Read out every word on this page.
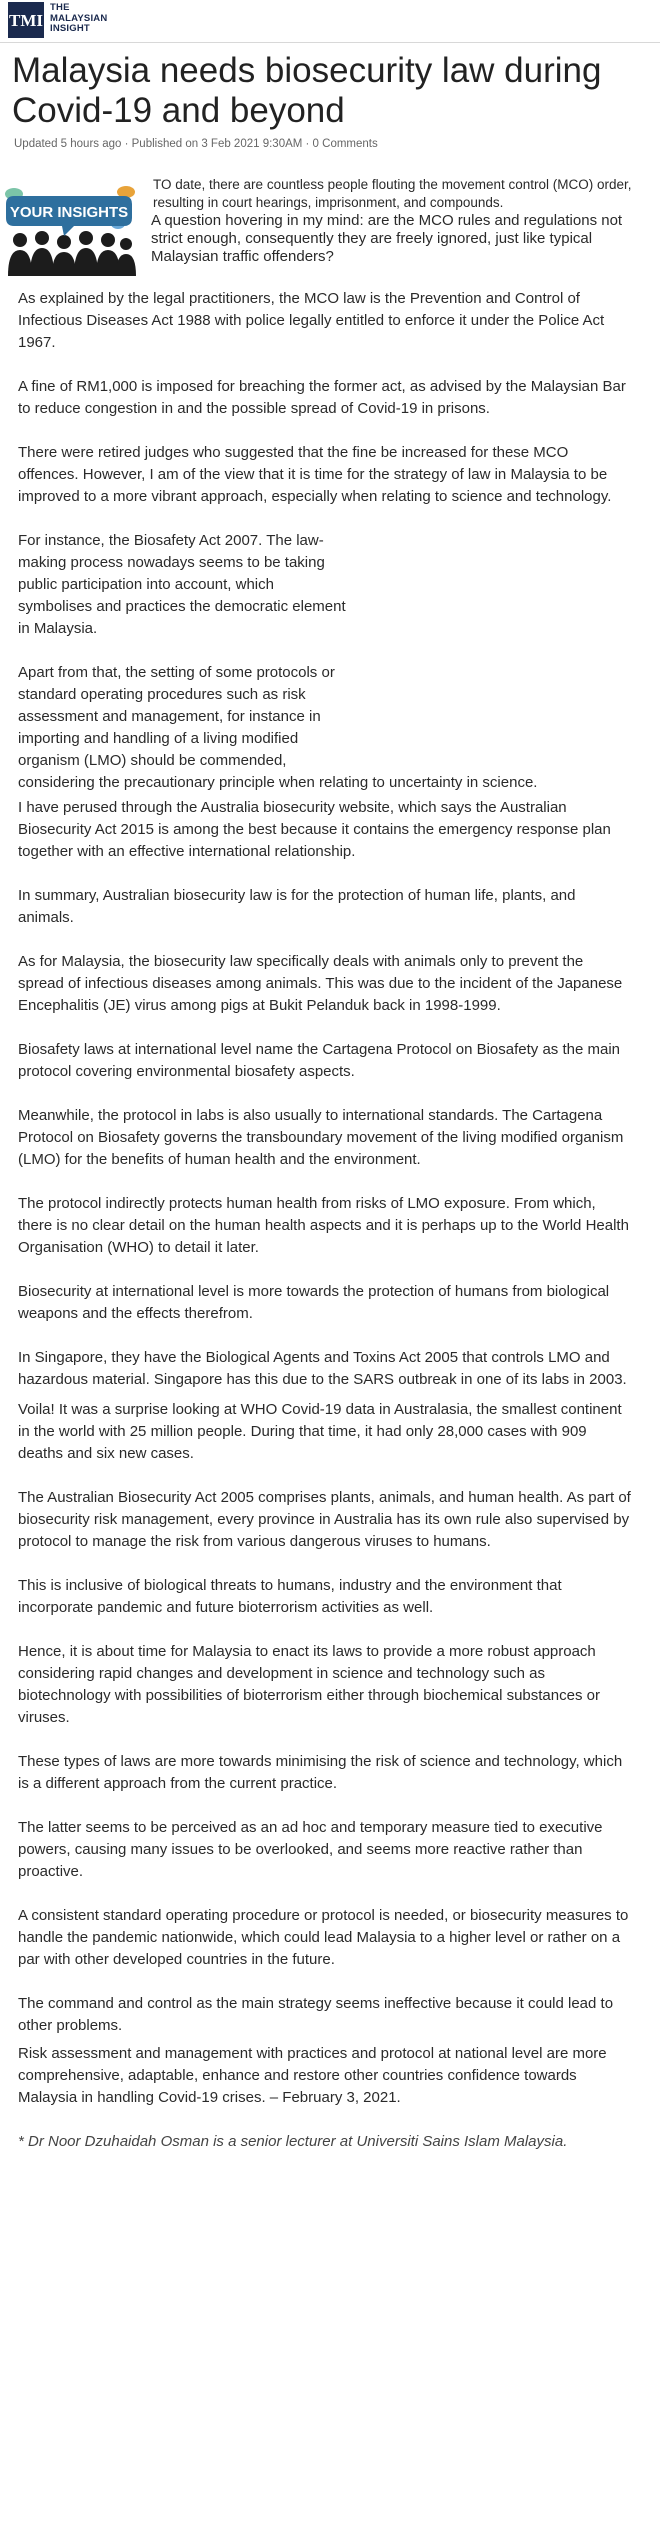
TMI
THE
MALAYSIAN
INSIGHT
Malaysia needs biosecurity law during Covid-19 and beyond
Updated 5 hours ago · Published on 3 Feb 2021 9:30AM · 0 Comments
YOUR INSIGHTS

TO date, there are countless people flouting the movement control (MCO) order, resulting in court hearings, imprisonment, and compounds.

A question hovering in my mind: are the MCO rules and regulations not strict enough, consequently they are freely ignored, just like typical Malaysian traffic offenders?

As explained by the legal practitioners, the MCO law is the Prevention and Control of Infectious Diseases Act 1988 with police legally entitled to enforce it under the Police Act 1967.

A fine of RM1,000 is imposed for breaching the former act, as advised by the Malaysian Bar to reduce congestion in and the possible spread of Covid-19 in prisons.

There were retired judges who suggested that the fine be increased for these MCO offences. However, I am of the view that it is time for the strategy of law in Malaysia to be improved to a more vibrant approach, especially when relating to science and technology.

For instance, the Biosafety Act 2007. The law-making process nowadays seems to be taking public participation into account, which symbolises and practices the democratic element in Malaysia.

Apart from that, the setting of some protocols or standard operating procedures such as risk assessment and management, for instance in importing and handling of a living modified organism (LMO) should be commended,

considering the precautionary principle when relating to uncertainty in science.

I have perused through the Australia biosecurity website, which says the Australian Biosecurity Act 2015 is among the best because it contains the emergency response plan together with an effective international relationship.

In summary, Australian biosecurity law is for the protection of human life, plants, and animals.

As for Malaysia, the biosecurity law specifically deals with animals only to prevent the spread of infectious diseases among animals. This was due to the incident of the Japanese Encephalitis (JE) virus among pigs at Bukit Pelanduk back in 1998-1999.

Biosafety laws at international level name the Cartagena Protocol on Biosafety as the main protocol covering environmental biosafety aspects.

Meanwhile, the protocol in labs is also usually to international standards. The Cartagena Protocol on Biosafety governs the transboundary movement of the living modified organism (LMO) for the benefits of human health and the environment.

The protocol indirectly protects human health from risks of LMO exposure. From which, there is no clear detail on the human health aspects and it is perhaps up to the World Health Organisation (WHO) to detail it later.

Biosecurity at international level is more towards the protection of humans from biological weapons and the effects therefrom.

In Singapore, they have the Biological Agents and Toxins Act 2005 that controls LMO and hazardous material. Singapore has this due to the SARS outbreak in one of its labs in 2003.

Voila! It was a surprise looking at WHO Covid-19 data in Australasia, the smallest continent in the world with 25 million people. During that time, it had only 28,000 cases with 909 deaths and six new cases.

The Australian Biosecurity Act 2005 comprises plants, animals, and human health. As part of biosecurity risk management, every province in Australia has its own rule also supervised by protocol to manage the risk from various dangerous viruses to humans.

This is inclusive of biological threats to humans, industry and the environment that incorporate pandemic and future bioterrorism activities as well.

Hence, it is about time for Malaysia to enact its laws to provide a more robust approach considering rapid changes and development in science and technology such as biotechnology with possibilities of bioterrorism either through biochemical substances or viruses.

These types of laws are more towards minimising the risk of science and technology, which is a different approach from the current practice.

The latter seems to be perceived as an ad hoc and temporary measure tied to executive powers, causing many issues to be overlooked, and seems more reactive rather than proactive.

A consistent standard operating procedure or protocol is needed, or biosecurity measures to handle the pandemic nationwide, which could lead Malaysia to a higher level or rather on a par with other developed countries in the future.

The command and control as the main strategy seems ineffective because it could lead to other problems.

Risk assessment and management with practices and protocol at national level are more comprehensive, adaptable, enhance and restore other countries confidence towards Malaysia in handling Covid-19 crises. – February 3, 2021.

* Dr Noor Dzuhaidah Osman is a senior lecturer at Universiti Sains Islam Malaysia.
